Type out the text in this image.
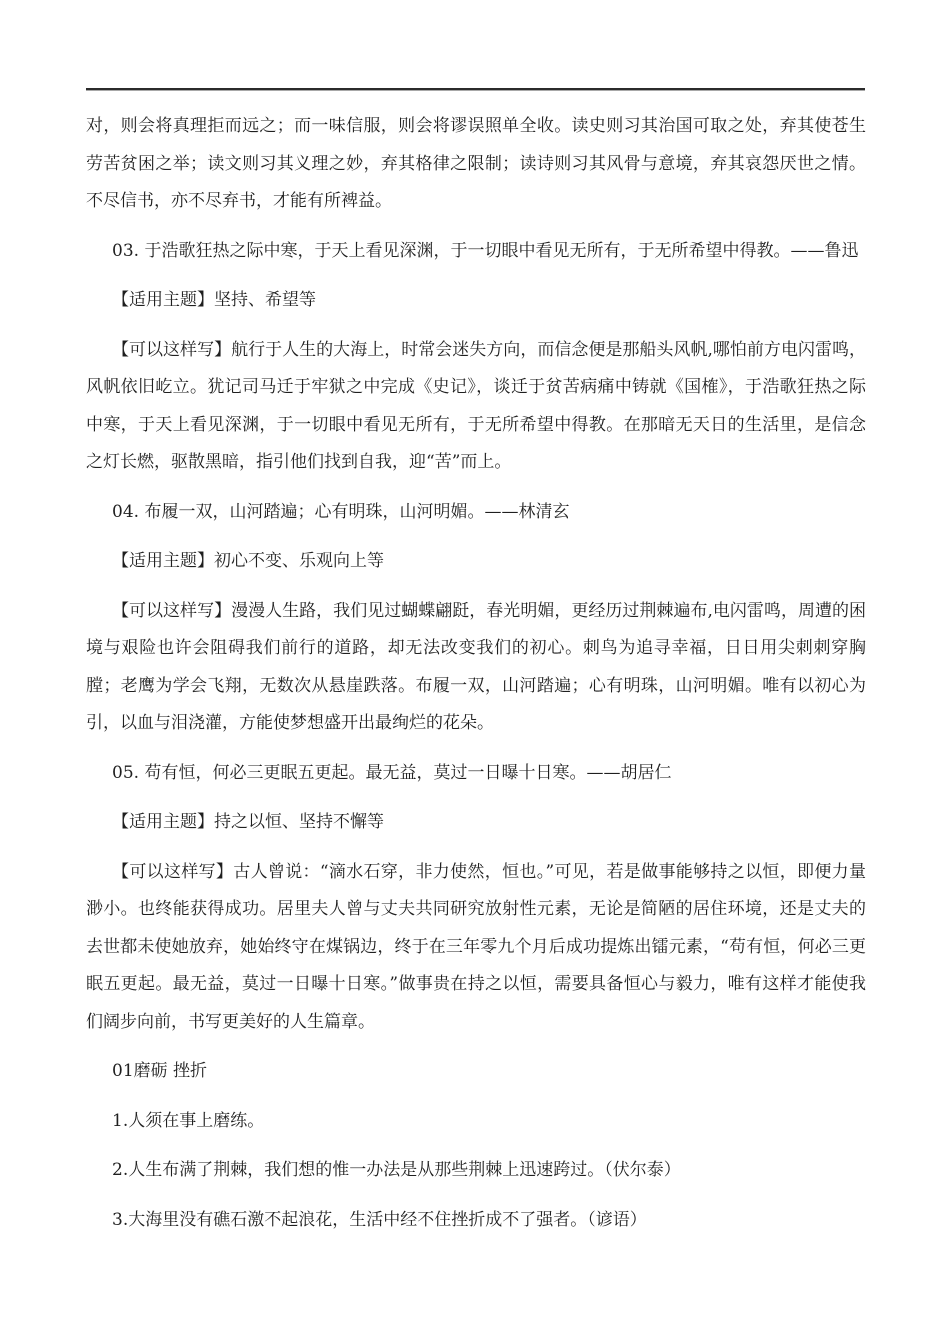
对，则会将真理拒而远之；而一味信服，则会将谬误照单全收。读史则习其治国可取之处，弃其使苍生劳苦贫困之举；读文则习其义理之妙，弃其格律之限制；读诗则习其风骨与意境，弃其哀怨厌世之情。不尽信书，亦不尽弃书，才能有所裨益。

03. 于浩歌狂热之际中寒，于天上看见深渊，于一切眼中看见无所有，于无所希望中得教。——鲁迅

【适用主题】坚持、希望等

【可以这样写】航行于人生的大海上，时常会迷失方向，而信念便是那船头风帆,哪怕前方电闪雷鸣，风帆依旧屹立。犹记司马迁于牢狱之中完成《史记》，谈迁于贫苦病痛中铸就《国榷》，于浩歌狂热之际中寒，于天上看见深渊，于一切眼中看见无所有，于无所希望中得教。在那暗无天日的生活里，是信念之灯长燃，驱散黑暗，指引他们找到自我，迎“苦”而上。

04. 布履一双，山河踏遍；心有明珠，山河明媚。——林清玄

【适用主题】初心不变、乐观向上等

【可以这样写】漫漫人生路，我们见过蝴蝶翩跹，春光明媚，更经历过荆棘遍布,电闪雷鸣，周遭的困境与艰险也许会阻碍我们前行的道路，却无法改变我们的初心。刺鸟为追寻幸福，日日用尖刺刺穿胸膛；老鹰为学会飞翔，无数次从悬崖跌落。布履一双，山河踏遍；心有明珠，山河明媚。唯有以初心为引，以血与泪浇灌，方能使梦想盛开出最绚烂的花朵。

05. 苟有恒，何必三更眠五更起。最无益，莫过一日曝十日寒。——胡居仁

【适用主题】持之以恒、坚持不懈等

【可以这样写】古人曾说：“滴水石穿，非力使然，恒也。”可见，若是做事能够持之以恒，即便力量渺小。也终能获得成功。居里夫人曾与丈夫共同研究放射性元素，无论是简陋的居住环境，还是丈夫的去世都未使她放弃，她始终守在煤锅边，终于在三年零九个月后成功提炼出镭元素，“苟有恒，何必三更眠五更起。最无益，莫过一日曝十日寒。”做事贵在持之以恒，需要具备恒心与毅力，唯有这样才能使我们阔步向前，书写更美好的人生篇章。

01磨砺 挫折

1.人须在事上磨练。

2.人生布满了荆棘，我们想的惟一办法是从那些荆棘上迅速跨过。（伏尔泰）

3.大海里没有礁石激不起浪花，生活中经不住挫折成不了强者。（谚语）
